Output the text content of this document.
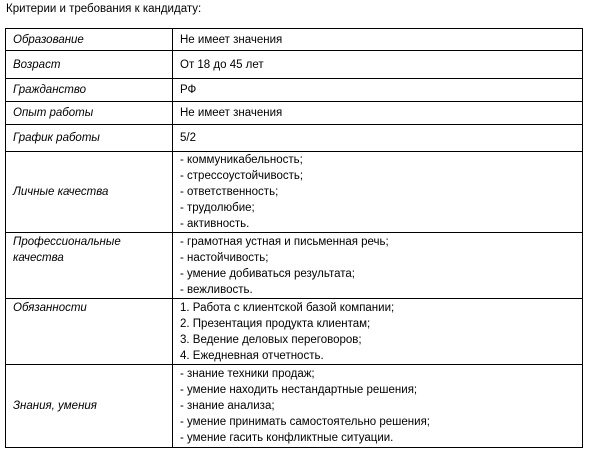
Критерии и требования к кандидату:
Образование	Не имеет значения

Возраст	От 18 до 45 лет

Гражданство	РФ

Опыт работы	Не имеет значения

График работы	5/2

Личные качества	- коммуникабельность;
- стрессоустойчивость;
- ответственность;
- трудолюбие;
- активность.

Профессиональные качества	- грамотная устная и письменная речь;
- настойчивость;
- умение добиваться результата;
- вежливость.

Обязанности	1. Работа с клиентской базой компании;
2. Презентация продукта клиентам;
3. Ведение деловых переговоров;
4. Ежедневная отчетность.

Знания, умения	- знание техники продаж;
- умение находить нестандартные решения;
- знание анализа;
- умение принимать самостоятельно решения;
- умение гасить конфликтные ситуации.
